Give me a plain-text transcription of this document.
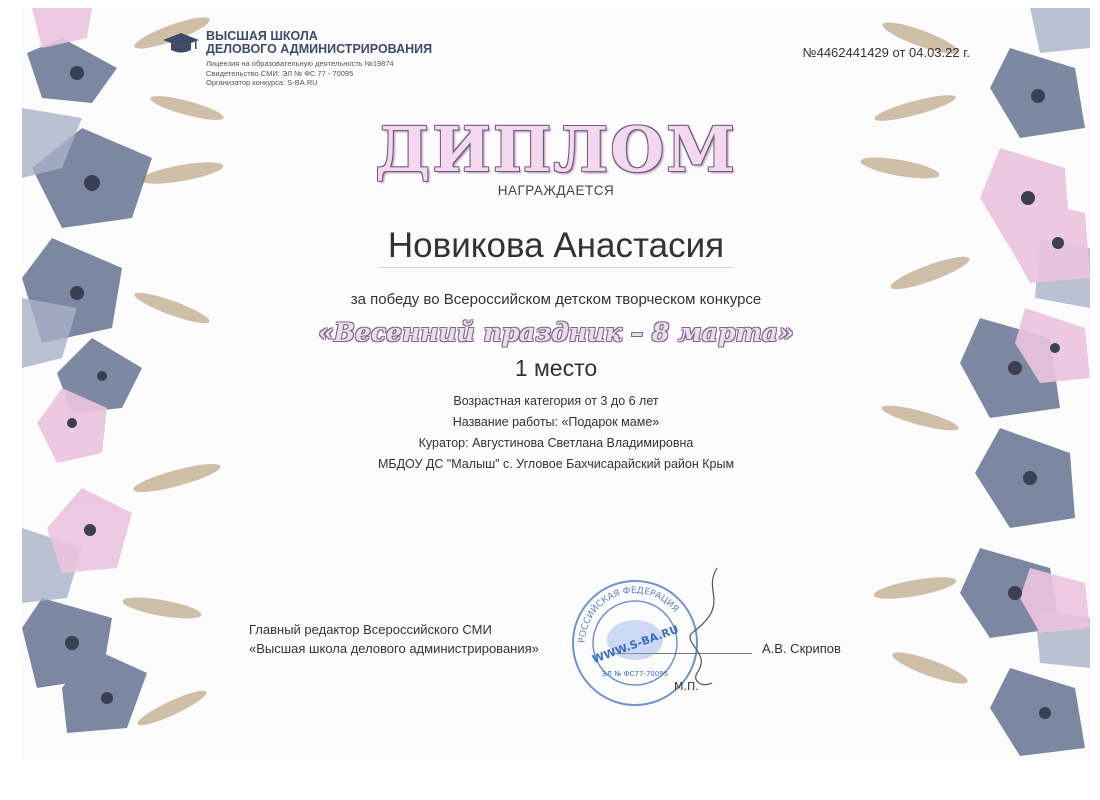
ВЫСШАЯ ШКОЛА
ДЕЛОВОГО АДМИНИСТРИРОВАНИЯ
Лицензия на образовательную деятельность №19874
Свидетельство СМИ: ЭЛ № ФС 77 - 70095
Организатор конкурса: S-BA.RU
№4462441429 от 04.03.22 г.
ДИПЛОМ
НАГРАЖДАЕТСЯ
Новикова Анастасия
за победу во Всероссийском детском творческом конкурсе
«Весенний праздник – 8 марта»
1 место
Возрастная категория от 3 до 6 лет
Название работы: «Подарок маме»
Куратор: Августинова Светлана Владимировна
МБДОУ ДС "Малыш" с. Угловое Бахчисарайский район Крым
Главный редактор Всероссийского СМИ
«Высшая школа делового администрирования»	А.В. Скрипов
РОССИЙСКАЯ ФЕДЕРАЦИЯ
WWW.S-BA.RU
ЭЛ № ФС77-70095
М.П.
